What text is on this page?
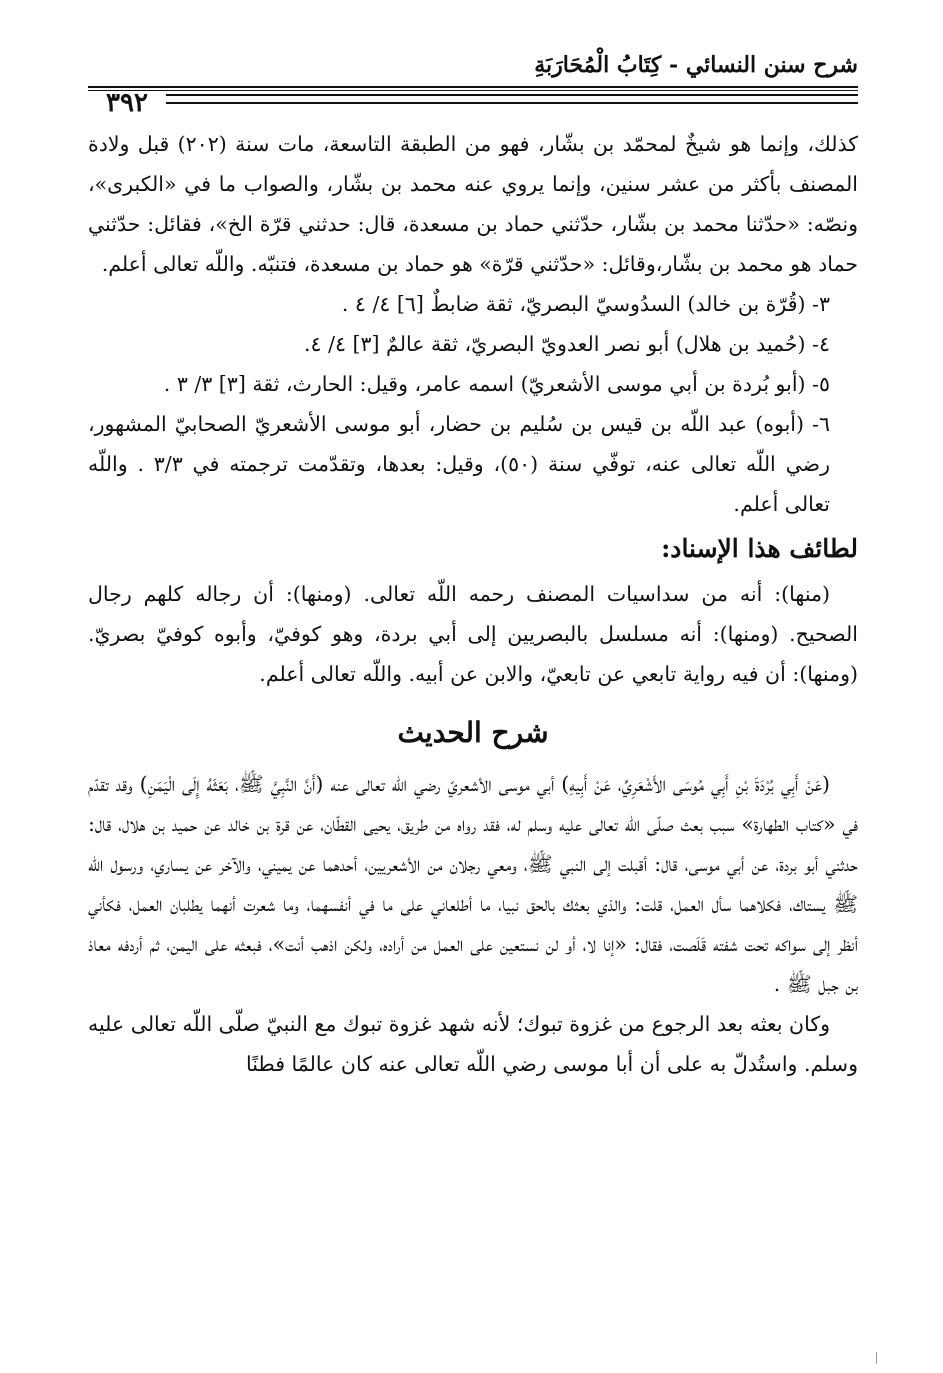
شرح سنن النسائي - كِتَابُ الْمُحَارَبَةِ
٣٩٢

كذلك، وإنما هو شيخٌ لمحمّد بن بشّار، فهو من الطبقة التاسعة، مات سنة (٢٠٢) قبل ولادة المصنف بأكثر من عشر سنين، وإنما يروي عنه محمد بن بشّار، والصواب ما في «الكبرى»، ونصّه: «حدّثنا محمد بن بشّار، حدّثني حماد بن مسعدة، قال: حدثني قرّة الخ»، فقائل: حدّثني حماد هو محمد بن بشّار،وقائل: «حدّثني قرّة» هو حماد بن مسعدة، فتنبّه. واللّه تعالى أعلم.

٣- (قُرّة بن خالد) السدُوسيّ البصريّ، ثقة ضابطٌ [٦] ٤/ ٤ .

٤- (حُميد بن هلال) أبو نصر العدويّ البصريّ، ثقة عالمٌ [٣] ٤/ ٤.

٥- (أبو بُردة بن أبي موسى الأشعريّ) اسمه عامر، وقيل: الحارث، ثقة [٣] ٣/ ٣ .

٦- (أبوه) عبد اللّه بن قيس بن سُليم بن حضار، أبو موسى الأشعريّ الصحابيّ المشهور، رضي اللّه تعالى عنه، توفّي سنة (٥٠)، وقيل: بعدها، وتقدّمت ترجمته في ٣/٣ . واللّه تعالى أعلم.

لطائف هذا الإسناد:

(منها): أنه من سداسيات المصنف رحمه اللّه تعالى. (ومنها): أن رجاله كلهم رجال الصحيح. (ومنها): أنه مسلسل بالبصريين إلى أبي بردة، وهو كوفيّ، وأبوه كوفيّ بصريّ. (ومنها): أن فيه رواية تابعي عن تابعيّ، والابن عن أبيه. واللّه تعالى أعلم.

شرح الحديث

(عَنْ أَبِي بُرْدَةَ بْنِ أَبِي مُوسَى الأَشْعَرِيِّ، عَنْ أَبِيهِ) أبي موسى الأشعريّ رضي اللّه تعالى عنه (أَنَّ النَّبِيَّ ﷺ، بَعَثَهُ إِلَى الْيَمَنِ) وقد تقدّم في «كتاب الطهارة» سبب بعث صلّى اللّه تعالى عليه وسلم له، فقد رواه من طريق، يحيى القطّان، عن قرة بن خالد عن حميد بن هلال، قال: حدثني أبو بردة، عن أبي موسى، قال: أقبلت إلى النبي ﷺ، ومعي رجلان من الأشعريين، أحدهما عن يميني، والآخر عن يساري، ورسول اللّه ﷺ يستاك، فكلاهما سأل العمل، قلت: والذي بعثك بالحق نبيا، ما أطلعاني على ما في أنفسهما، وما شعرت أنهما يطلبان العمل، فكأني أنظر إلى سواكه تحت شفته قَلَصت، فقال: «إنا لا، أو لن نستعين على العمل من أراده، ولكن اذهب أنت»، فبعثه على اليمن، ثم أردفه معاذ بن جبل ﷺ .

وكان بعثه بعد الرجوع من غزوة تبوك؛ لأنه شهد غزوة تبوك مع النبيّ صلّى اللّه تعالى عليه وسلم. واستُدلّ به على أن أبا موسى رضي اللّه تعالى عنه كان عالمًا فطنًا
